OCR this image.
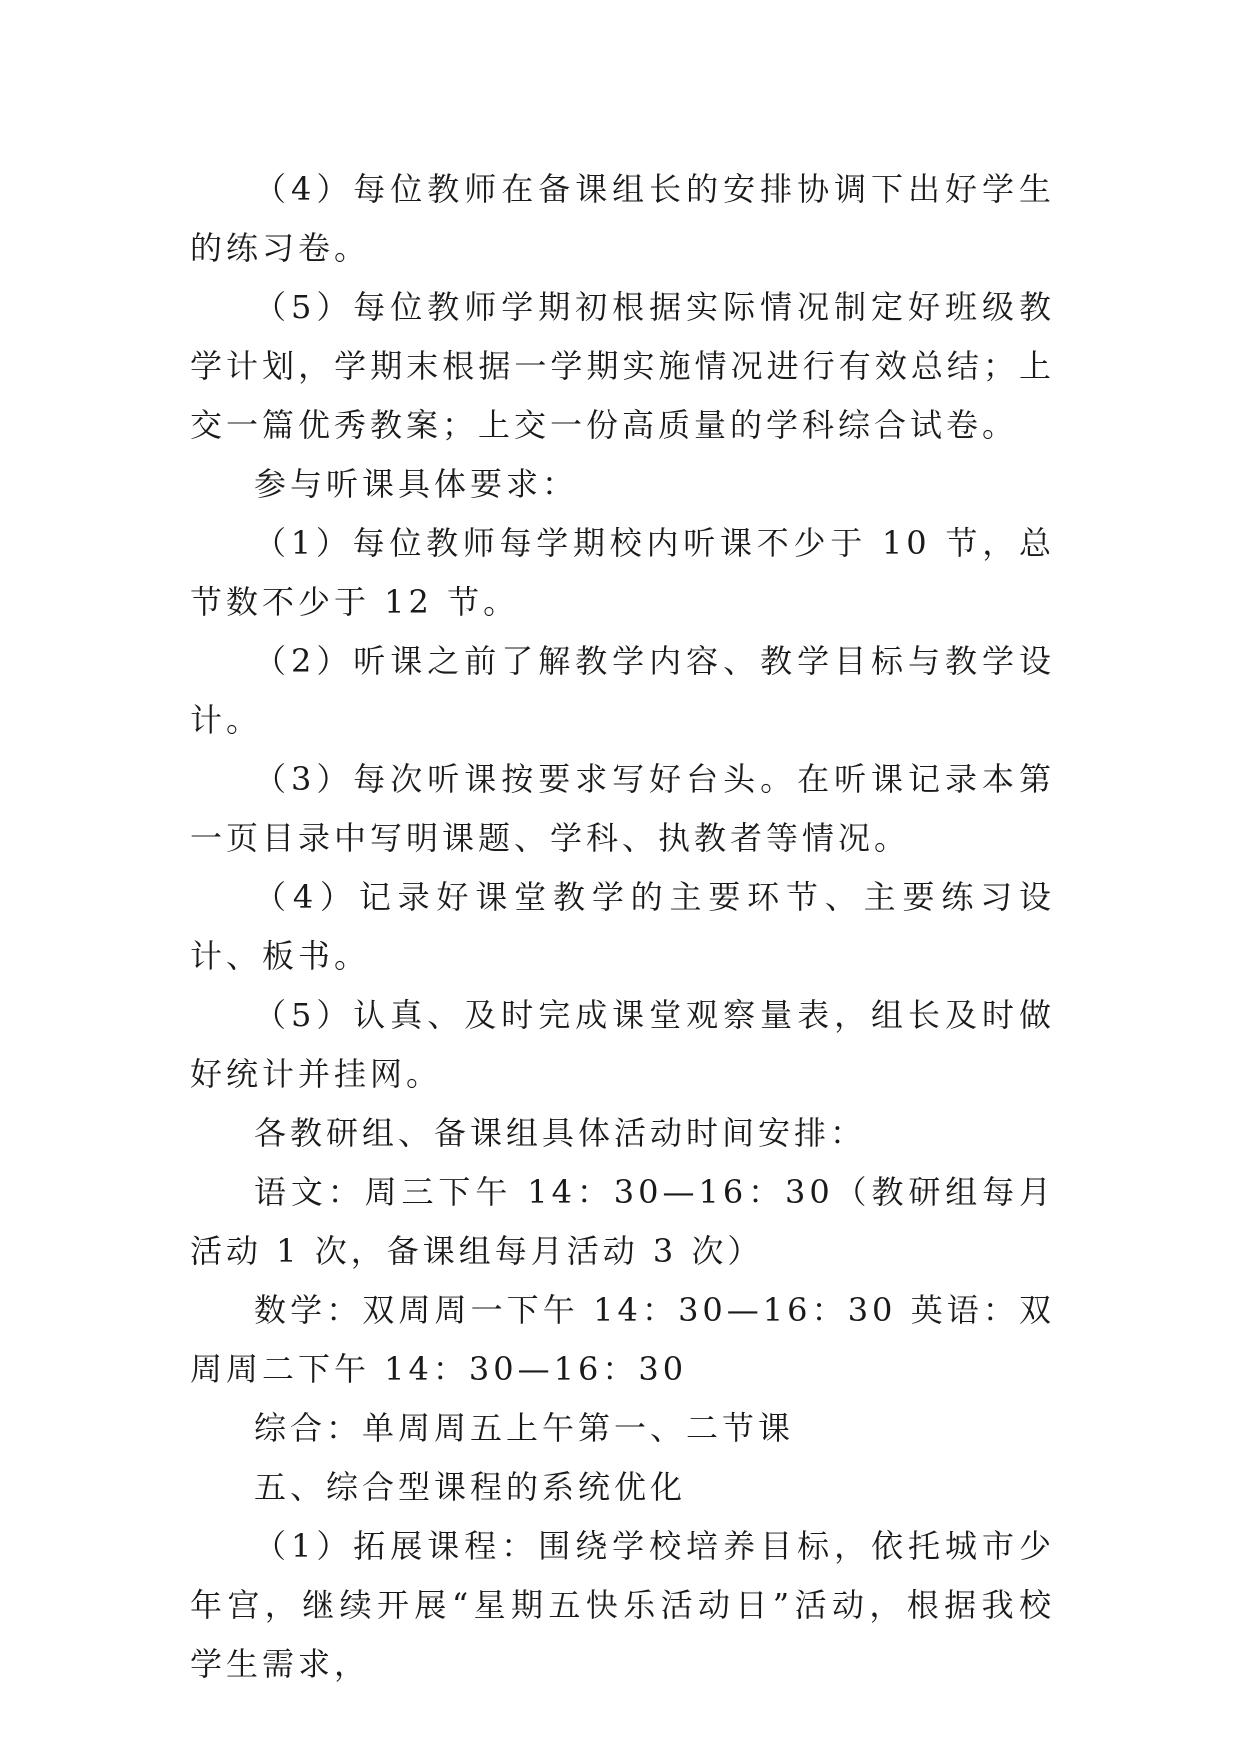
（4）每位教师在备课组长的安排协调下出好学生的练习卷。

（5）每位教师学期初根据实际情况制定好班级教学计划，学期末根据一学期实施情况进行有效总结；上交一篇优秀教案；上交一份高质量的学科综合试卷。

参与听课具体要求：

（1）每位教师每学期校内听课不少于 10 节，总节数不少于 12 节。

（2）听课之前了解教学内容、教学目标与教学设计。

（3）每次听课按要求写好台头。在听课记录本第一页目录中写明课题、学科、执教者等情况。

（4）记录好课堂教学的主要环节、主要练习设计、板书。

（5）认真、及时完成课堂观察量表，组长及时做好统计并挂网。

各教研组、备课组具体活动时间安排：

语文：周三下午 14：30—16：30（教研组每月活动 1 次，备课组每月活动 3 次）

数学：双周周一下午 14：30—16：30 英语：双周周二下午 14：30—16：30

综合：单周周五上午第一、二节课

五、综合型课程的系统优化

（1）拓展课程：围绕学校培养目标，依托城市少年宫，继续开展“星期五快乐活动日”活动，根据我校学生需求，
